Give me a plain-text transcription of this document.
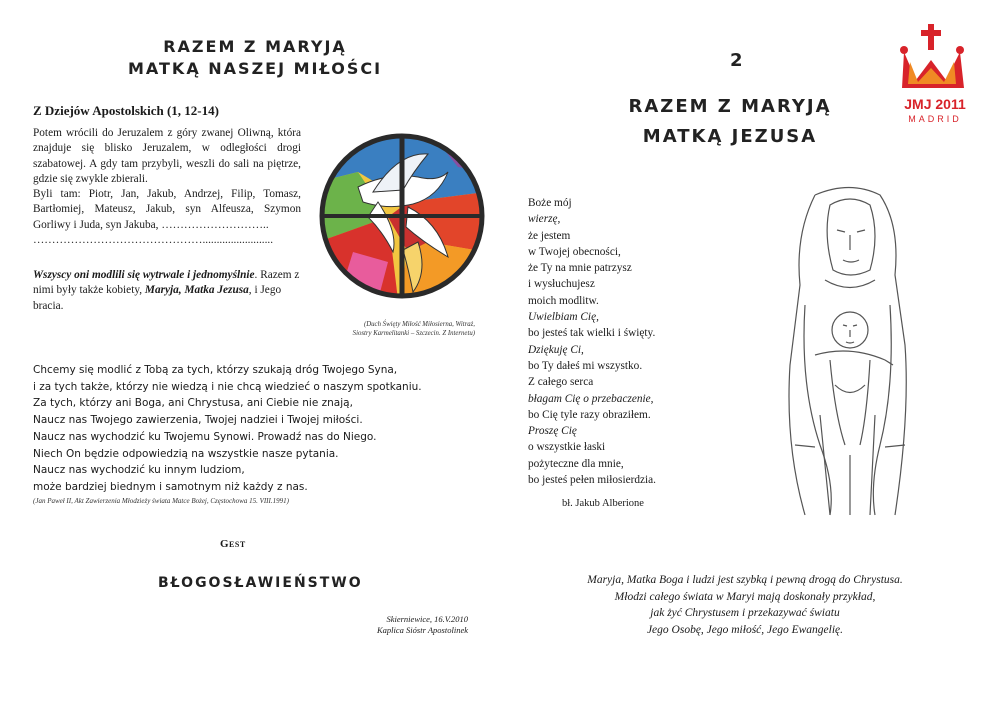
RAZEM Z MARYJĄ
MATKĄ NASZEJ MIŁOŚCI
Z Dziejów Apostolskich (1, 12-14)

Potem wrócili do Jeruzalem z góry zwanej Oliwną, która znajduje się blisko Jeruzalem, w odległości drogi szabatowej. A gdy tam przybyli, weszli do sali na piętrze, gdzie się zwykle zbierali.

Byli tam: Piotr, Jan, Jakub, Andrzej, Filip, Tomasz, Bartłomiej, Mateusz, Jakub, syn Alfeusza, Szymon Gorliwy i Juda, syn Jakuba, ………………………..

……………………………………….........................

Wszyscy oni modlili się wytrwale i jednomyślnie. Razem z nimi były także kobiety, Maryja, Matka Jezusa, i Jego bracia.
(Duch Święty Miłość Miłosierna, Witraż,
Siostry Karmelitanki – Szczecin. Z Internetu)
Chcemy się modlić z Tobą za tych, którzy szukają dróg Twojego Syna,
i za tych także, którzy nie wiedzą i nie chcą wiedzieć o naszym spotkaniu.
Za tych, którzy ani Boga, ani Chrystusa, ani Ciebie nie znają,
Naucz nas Twojego zawierzenia, Twojej nadziei i Twojej miłości.
Naucz nas wychodzić ku Twojemu Synowi. Prowadź nas do Niego.
Niech On będzie odpowiedzią na wszystkie nasze pytania.
Naucz nas wychodzić ku innym ludziom,
może bardziej biednym i samotnym niż każdy z nas.
(Jan Paweł II, Akt Zawierzenia Młodzieży świata Matce Bożej, Częstochowa 15. VIII.1991)
Gest
BŁOGOSŁAWIEŃSTWO
Skierniewice, 16.V.2010
Kaplica Sióstr Apostolinek
2
RAZEM Z MARYJĄ
MATKĄ JEZUSA
JMJ 2011
MADRID
Boże mój
wierzę,
że jestem
w Twojej obecności,
że Ty na mnie patrzysz
i wysłuchujesz
moich modlitw.
Uwielbiam Cię,
bo jesteś tak wielki i święty.
Dziękuję Ci,
bo Ty dałeś mi wszystko.
Z całego serca
błagam Cię o przebaczenie,
bo Cię tyle razy obraziłem.
Proszę Cię
o wszystkie łaski
pożyteczne dla mnie,
bo jesteś pełen miłosierdzia.
bł. Jakub Alberione
Maryja, Matka Boga i ludzi jest szybką i pewną drogą do Chrystusa.
Młodzi całego świata w Maryi mają doskonały przykład,
jak żyć Chrystusem i przekazywać światu
Jego Osobę, Jego miłość, Jego Ewangelię.
